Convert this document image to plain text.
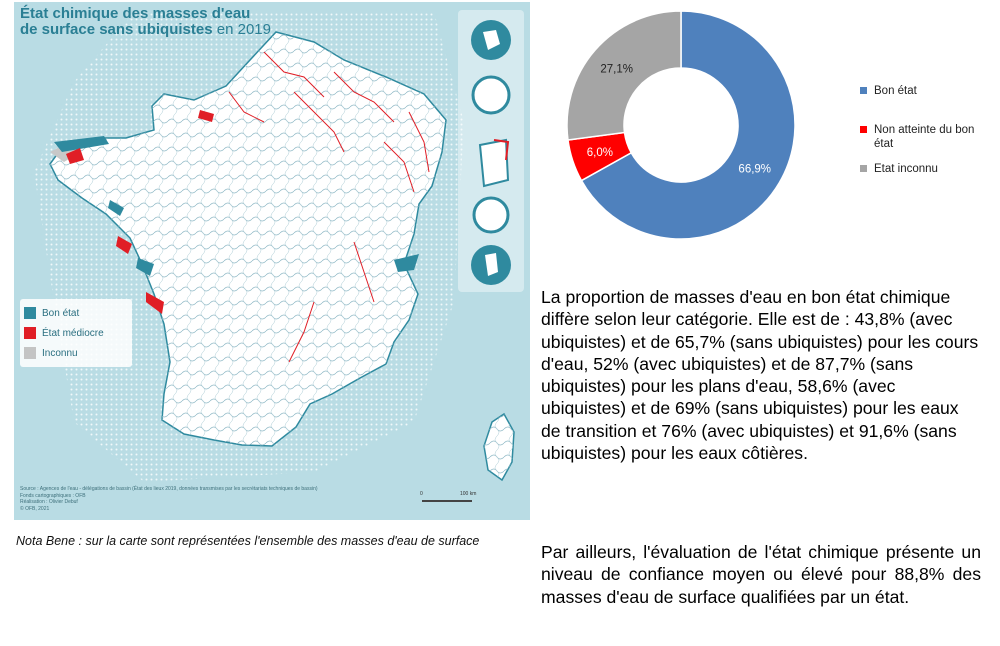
État chimique des masses d'eau
de surface sans ubiquistes en 2019
Bon état
État médiocre
Inconnu
Source : Agences de l'eau - délégations de bassin (État des lieux 2019, données transmises par les secrétariats techniques de bassin)
Fonds cartographiques : OFB
Réalisation : Olivier Debuf
© OFB, 2021
0	100 km
Nota Bene : sur la carte sont représentées l'ensemble des masses d'eau de surface
66,9%
6,0%
27,1%
Bon état
Non atteinte du bon état
Etat inconnu
La proportion de masses d'eau en bon état chimique diffère selon leur catégorie. Elle est de : 43,8% (avec ubiquistes) et de 65,7% (sans ubiquistes) pour les cours d'eau, 52% (avec ubiquistes) et de 87,7% (sans ubiquistes) pour les plans d'eau, 58,6% (avec ubiquistes) et de 69% (sans ubiquistes) pour les eaux de transition et 76% (avec ubiquistes) et 91,6% (sans ubiquistes) pour les eaux côtières.
Par ailleurs, l'évaluation de l'état chimique présente un niveau de confiance moyen ou élevé pour 88,8% des masses d'eau de surface qualifiées par un état.
